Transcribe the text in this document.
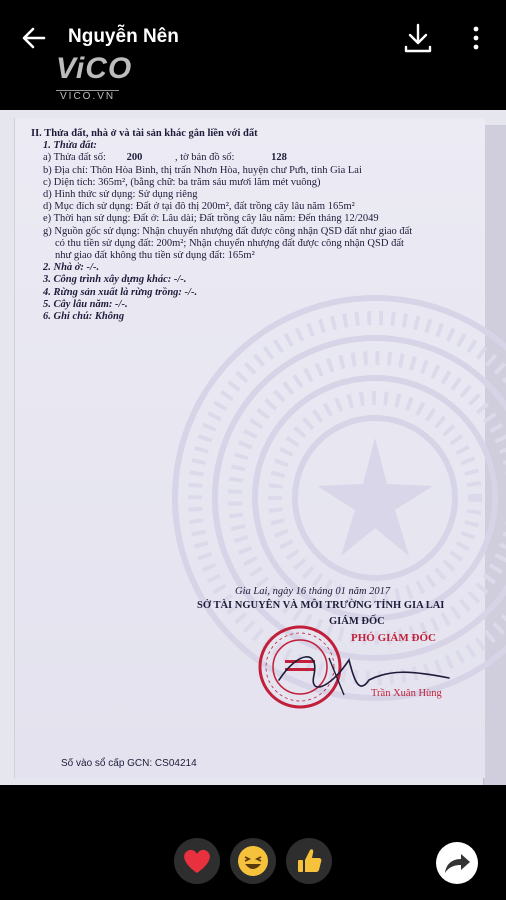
Nguyễn Nên
ViCO
VICO.VN
II. Thửa đất, nhà ở và tài sản khác gắn liền với đất
1. Thửa đất:
a) Thửa đất số: 200	, tờ bản đồ số:	128
b) Địa chỉ: Thôn Hòa Bình, thị trấn Nhơn Hòa, huyện chư Pưh, tỉnh Gia Lai
c) Diện tích: 365m², (bằng chữ: ba trăm sáu mươi lăm mét vuông)
d) Hình thức sử dụng: Sử dụng riêng
d) Mục đích sử dụng: Đất ở tại đô thị 200m², đất trồng cây lâu năm 165m²
e) Thời hạn sử dụng: Đất ở: Lâu dài; Đất trồng cây lâu năm: Đến tháng 12/2049
g) Nguồn gốc sử dụng: Nhận chuyển nhượng đất được công nhận QSD đất như giao đất
có thu tiền sử dụng đất: 200m²; Nhận chuyển nhượng đất được công nhận QSD đất
như giao đất không thu tiền sử dụng đất: 165m²
2. Nhà ở: -/-.
3. Công trình xây dựng khác: -/-.
4. Rừng sản xuất là rừng trồng: -/-.
5. Cây lâu năm: -/-.
6. Ghi chú: Không
Gia Lai, ngày 16 tháng 01 năm 2017
SỞ TÀI NGUYÊN VÀ MÔI TRƯỜNG TỈNH GIA LAI
GIÁM ĐỐC
PHÓ GIÁM ĐỐC
Trần Xuân Hùng
Số vào sổ cấp GCN: CS04214
